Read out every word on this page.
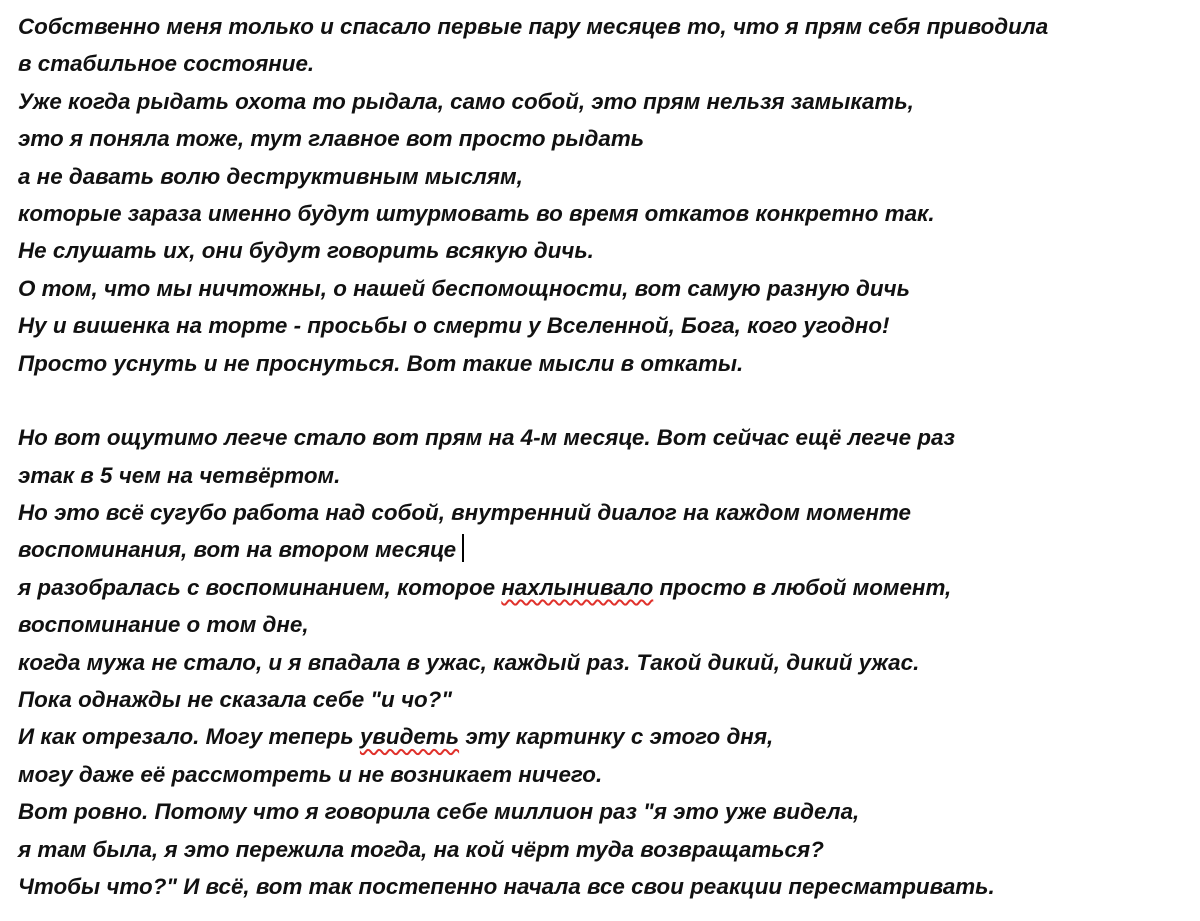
Собственно меня только и спасало первые пару месяцев то, что я прям себя приводила
в стабильное состояние.
Уже когда рыдать охота то рыдала, само собой, это прям нельзя замыкать,
это я поняла тоже, тут главное вот просто рыдать
а не давать волю деструктивным мыслям,
которые зараза именно будут штурмовать во время откатов конкретно так.
Не слушать их, они будут говорить всякую дичь.
О том, что мы ничтожны, о нашей беспомощности, вот самую разную дичь
Ну и вишенка на торте - просьбы о смерти у Вселенной, Бога, кого угодно!
Просто уснуть и не проснуться. Вот такие мысли в откаты.
Но вот ощутимо легче стало вот прям на 4-м месяце. Вот сейчас ещё легче раз
этак в 5 чем на четвёртом.
Но это всё сугубо работа над собой, внутренний диалог на каждом моменте
воспоминания, вот на втором месяце
я разобралась с воспоминанием, которое нахлынивало просто в любой момент,
воспоминание о том дне,
когда мужа не стало, и я впадала в ужас, каждый раз. Такой дикий, дикий ужас.
Пока однажды не сказала себе "и чо?"
И как отрезало. Могу теперь увидеть эту картинку с этого дня,
могу даже её рассмотреть и не возникает ничего.
Вот ровно. Потому что я говорила себе миллион раз "я это уже видела,
я там была, я это пережила тогда, на кой чёрт туда возвращаться?
Чтобы что?" И всё, вот так постепенно начала все свои реакции пересматривать.
